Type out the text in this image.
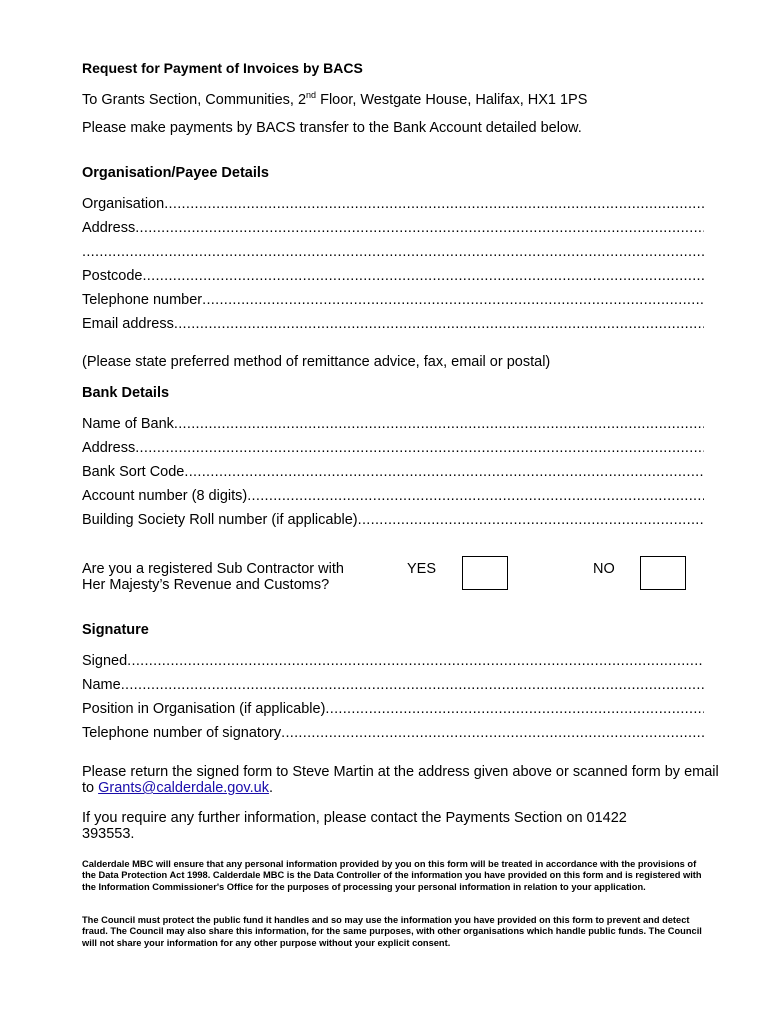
Request for Payment of Invoices by BACS
To Grants Section, Communities, 2nd Floor, Westgate House, Halifax, HX1 1PS
Please make payments by BACS transfer to the Bank Account detailed below.
Organisation/Payee Details
Organisation
.....
Address
.....
.....
Postcode
.....
Telephone number
.....
Email address
.....
(Please state preferred method of remittance advice, fax, email or postal)
Bank Details
Name of Bank
.....
Address
.....
Bank Sort Code
.....
Account number (8 digits)
.....
Building Society Roll number (if applicable)
.....
Are you a registered Sub Contractor with
Her Majesty’s Revenue and Customs?
YES	NO
Signature
Signed
.....
Name
.....
Position in Organisation (if applicable)
.....
Telephone number of signatory
.....
Please return the signed form to Steve Martin at the address given above or scanned form by email to Grants@calderdale.gov.uk.
If you require any further information, please contact the Payments Section on 01422 393553.
Calderdale MBC will ensure that any personal information provided by you on this form will be treated in accordance with the provisions of the Data Protection Act 1998. Calderdale MBC is the Data Controller of the information you have provided on this form and is registered with the Information Commissioner's Office for the purposes of processing your personal information in relation to your application.
The Council must protect the public fund it handles and so may use the information you have provided on this form to prevent and detect fraud. The Council may also share this information, for the same purposes, with other organisations which handle public funds. The Council will not share your information for any other purpose without your explicit consent.
